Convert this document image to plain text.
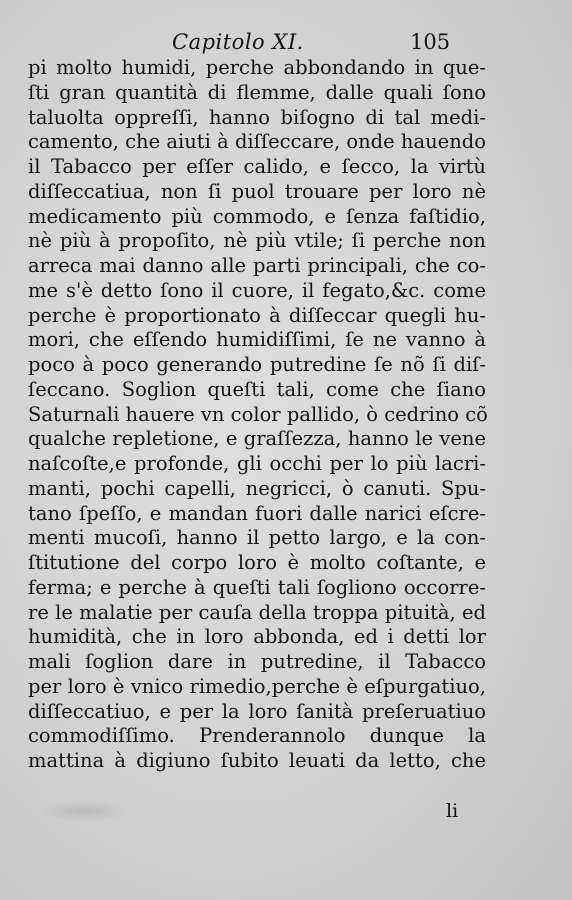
Capitolo XI.	105
pi molto humidi, perche abbondando in que-
ſti gran quantità di flemme, dalle quali ſono
taluolta oppreſſi, hanno biſogno di tal medi-
camento, che aiuti à diſſeccare, onde hauendo
il Tabacco per eſſer calido, e ſecco, la virtù
diſſeccatiua, non ſi puol trouare per loro nè
medicamento più commodo, e ſenza faſtidio,
nè più à propoſito, nè più vtile; ſi perche non
arreca mai danno alle parti principali, che co-
me s'è detto ſono il cuore, il fegato,&c. come
perche è proportionato à diſſeccar quegli hu-
mori, che eſſendo humidiſſimi, ſe ne vanno à
poco à poco generando putredine ſe nõ ſi diſ-
ſeccano. Soglion queſti tali, come che ſiano
Saturnali hauere vn color pallido, ò cedrino cõ
qualche repletione, e graſſezza, hanno le vene
naſcoſte,e profonde, gli occhi per lo più lacri-
manti, pochi capelli, negricci, ò canuti. Spu-
tano ſpeſſo, e mandan fuori dalle narici eſcre-
menti mucoſi, hanno il petto largo, e la con-
ſtitutione del corpo loro è molto coſtante, e
ferma; e perche à queſti tali ſogliono occorre-
re le malatie per cauſa della troppa pituità, ed
humidità, che in loro abbonda, ed i detti lor
mali ſoglion dare in putredine, il Tabacco
per loro è vnico rimedio,perche è eſpurgatiuo,
diſſeccatiuo, e per la loro ſanità preſeruatiuo
commodiſſimo. Prenderannolo dunque la
mattina à digiuno ſubito leuati da letto, che
li
